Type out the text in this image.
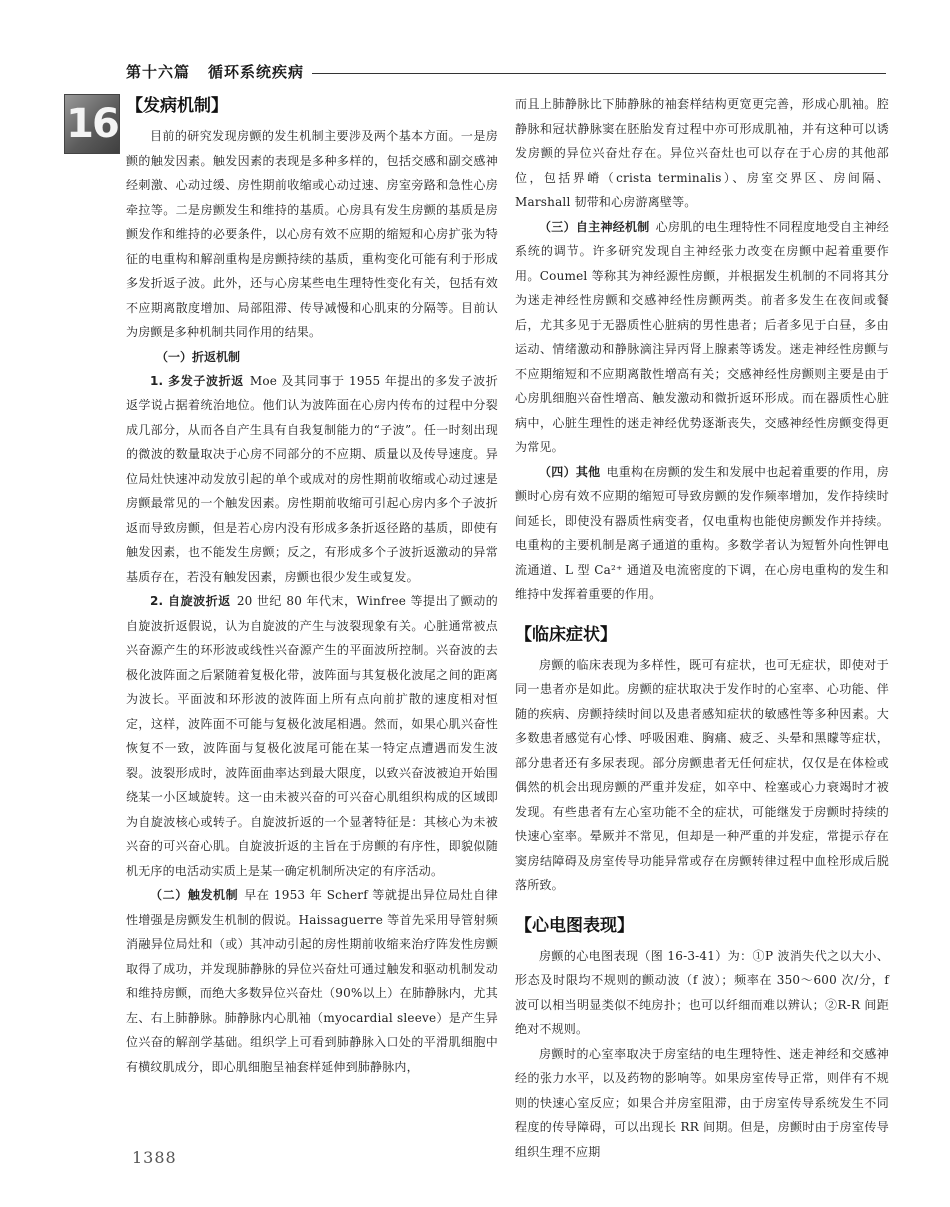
第十六篇 循环系统疾病
16 【发病机制】

目前的研究发现房颤的发生机制主要涉及两个基本方面。一是房颤的触发因素。触发因素的表现是多种多样的，包括交感和副交感神经刺激、心动过缓、房性期前收缩或心动过速、房室旁路和急性心房牵拉等。二是房颤发生和维持的基质。心房具有发生房颤的基质是房颤发作和维持的必要条件，以心房有效不应期的缩短和心房扩张为特征的电重构和解剖重构是房颤持续的基质，重构变化可能有利于形成多发折返子波。此外，还与心房某些电生理特性变化有关，包括有效不应期离散度增加、局部阻滞、传导减慢和心肌束的分隔等。目前认为房颤是多种机制共同作用的结果。

（一）折返机制

1. 多发子波折返 Moe 及其同事于 1955 年提出的多发子波折返学说占据着统治地位。他们认为波阵面在心房内传布的过程中分裂成几部分，从而各自产生具有自我复制能力的“子波”。任一时刻出现的微波的数量取决于心房不同部分的不应期、质量以及传导速度。异位局灶快速冲动发放引起的单个或成对的房性期前收缩或心动过速是房颤最常见的一个触发因素。房性期前收缩可引起心房内多个子波折返而导致房颤，但是若心房内没有形成多条折返径路的基质，即使有触发因素，也不能发生房颤；反之，有形成多个子波折返激动的异常基质存在，若没有触发因素，房颤也很少发生或复发。

2. 自旋波折返 20 世纪 80 年代末，Winfree 等提出了颤动的自旋波折返假说，认为自旋波的产生与波裂现象有关。心脏通常被点兴奋源产生的环形波或线性兴奋源产生的平面波所控制。兴奋波的去极化波阵面之后紧随着复极化带，波阵面与其复极化波尾之间的距离为波长。平面波和环形波的波阵面上所有点向前扩散的速度相对恒定，这样，波阵面不可能与复极化波尾相遇。然而，如果心肌兴奋性恢复不一致，波阵面与复极化波尾可能在某一特定点遭遇而发生波裂。波裂形成时，波阵面曲率达到最大限度，以致兴奋波被迫开始围绕某一小区域旋转。这一由未被兴奋的可兴奋心肌组织构成的区域即为自旋波核心或转子。自旋波折返的一个显著特征是：其核心为未被兴奋的可兴奋心肌。自旋波折返的主旨在于房颤的有序性，即貌似随机无序的电活动实质上是某一确定机制所决定的有序活动。

（二）触发机制 早在 1953 年 Scherf 等就提出异位局灶自律性增强是房颤发生机制的假说。Haissaguerre 等首先采用导管射频消融异位局灶和（或）其冲动引起的房性期前收缩来治疗阵发性房颤取得了成功，并发现肺静脉的异位兴奋灶可通过触发和驱动机制发动和维持房颤，而绝大多数异位兴奋灶（90%以上）在肺静脉内，尤其左、右上肺静脉。肺静脉内心肌袖（myocardial sleeve）是产生异位兴奋的解剖学基础。组织学上可看到肺静脉入口处的平滑肌细胞中有横纹肌成分，即心肌细胞呈袖套样延伸到肺静脉内，

而且上肺静脉比下肺静脉的袖套样结构更宽更完善，形成心肌袖。腔静脉和冠状静脉窦在胚胎发育过程中亦可形成肌袖，并有这种可以诱发房颤的异位兴奋灶存在。异位兴奋灶也可以存在于心房的其他部位，包括界嵴（crista terminalis）、房室交界区、房间隔、Marshall 韧带和心房游离壁等。

（三）自主神经机制 心房肌的电生理特性不同程度地受自主神经系统的调节。许多研究发现自主神经张力改变在房颤中起着重要作用。Coumel 等称其为神经源性房颤，并根据发生机制的不同将其分为迷走神经性房颤和交感神经性房颤两类。前者多发生在夜间或餐后，尤其多见于无器质性心脏病的男性患者；后者多见于白昼，多由运动、情绪激动和静脉滴注异丙肾上腺素等诱发。迷走神经性房颤与不应期缩短和不应期离散性增高有关；交感神经性房颤则主要是由于心房肌细胞兴奋性增高、触发激动和微折返环形成。而在器质性心脏病中，心脏生理性的迷走神经优势逐渐丧失，交感神经性房颤变得更为常见。

（四）其他 电重构在房颤的发生和发展中也起着重要的作用，房颤时心房有效不应期的缩短可导致房颤的发作频率增加，发作持续时间延长，即使没有器质性病变者，仅电重构也能使房颤发作并持续。电重构的主要机制是离子通道的重构。多数学者认为短暂外向性钾电流通道、L 型 Ca²⁺ 通道及电流密度的下调，在心房电重构的发生和维持中发挥着重要的作用。

【临床症状】

房颤的临床表现为多样性，既可有症状，也可无症状，即使对于同一患者亦是如此。房颤的症状取决于发作时的心室率、心功能、伴随的疾病、房颤持续时间以及患者感知症状的敏感性等多种因素。大多数患者感觉有心悸、呼吸困难、胸痛、疲乏、头晕和黑矇等症状，部分患者还有多尿表现。部分房颤患者无任何症状，仅仅是在体检或偶然的机会出现房颤的严重并发症，如卒中、栓塞或心力衰竭时才被发现。有些患者有左心室功能不全的症状，可能继发于房颤时持续的快速心室率。晕厥并不常见，但却是一种严重的并发症，常提示存在窦房结障碍及房室传导功能异常或存在房颤转律过程中血栓形成后脱落所致。

【心电图表现】

房颤的心电图表现（图 16-3-41）为：①P 波消失代之以大小、形态及时限均不规则的颤动波（f 波）；频率在 350～600 次/分，f 波可以相当明显类似不纯房扑；也可以纤细而难以辨认；②R-R 间距绝对不规则。

房颤时的心室率取决于房室结的电生理特性、迷走神经和交感神经的张力水平，以及药物的影响等。如果房室传导正常，则伴有不规则的快速心室反应；如果合并房室阻滞，由于房室传导系统发生不同程度的传导障碍，可以出现长 RR 间期。但是，房颤时由于房室传导组织生理不应期

1388
